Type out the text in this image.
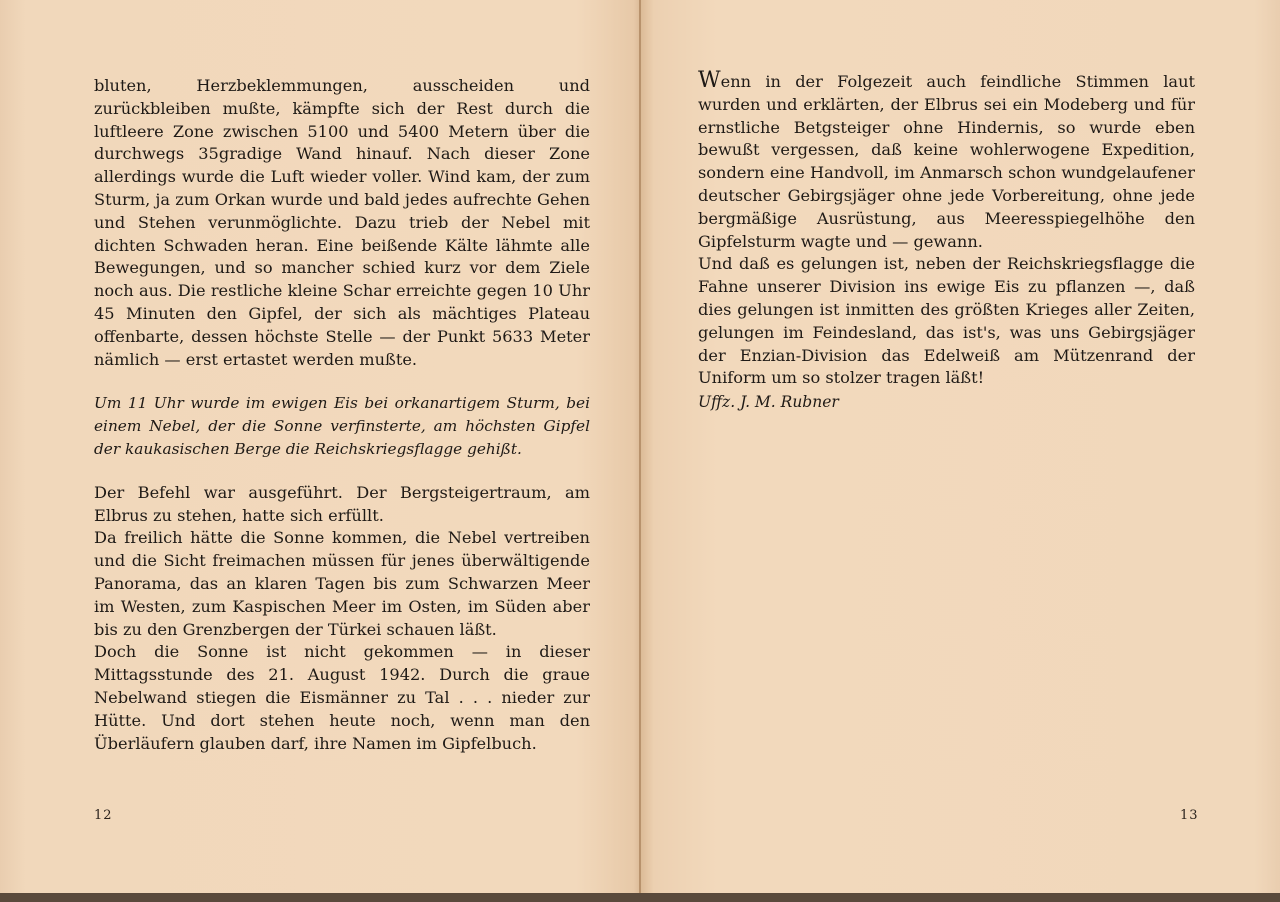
bluten, Herzbeklemmungen, ausscheiden und zurückbleiben mußte, kämpfte sich der Rest durch die luftleere Zone zwischen 5100 und 5400 Metern über die durchwegs 35gradige Wand hinauf. Nach dieser Zone allerdings wurde die Luft wieder voller. Wind kam, der zum Sturm, ja zum Orkan wurde und bald jedes aufrechte Gehen und Stehen verunmöglichte. Dazu trieb der Nebel mit dichten Schwaden heran. Eine beißende Kälte lähmte alle Bewegungen, und so mancher schied kurz vor dem Ziele noch aus. Die restliche kleine Schar erreichte gegen 10 Uhr 45 Minuten den Gipfel, der sich als mächtiges Plateau offenbarte, dessen höchste Stelle — der Punkt 5633 Meter nämlich — erst ertastet werden mußte.

Um 11 Uhr wurde im ewigen Eis bei orkanartigem Sturm, bei einem Nebel, der die Sonne verfinsterte, am höchsten Gipfel der kaukasischen Berge die Reichskriegsflagge gehißt.

Der Befehl war ausgeführt. Der Bergsteigertraum, am Elbrus zu stehen, hatte sich erfüllt.

Da freilich hätte die Sonne kommen, die Nebel vertreiben und die Sicht freimachen müssen für jenes überwältigende Panorama, das an klaren Tagen bis zum Schwarzen Meer im Westen, zum Kaspischen Meer im Osten, im Süden aber bis zu den Grenzbergen der Türkei schauen läßt.

Doch die Sonne ist nicht gekommen — in dieser Mittagsstunde des 21. August 1942. Durch die graue Nebelwand stiegen die Eismänner zu Tal . . . nieder zur Hütte. Und dort stehen heute noch, wenn man den Überläufern glauben darf, ihre Namen im Gipfelbuch.

12

Wenn in der Folgezeit auch feindliche Stimmen laut wurden und erklärten, der Elbrus sei ein Modeberg und für ernstliche Betgsteiger ohne Hindernis, so wurde eben bewußt vergessen, daß keine wohlerwogene Expedition, sondern eine Handvoll, im Anmarsch schon wundgelaufener deutscher Gebirgsjäger ohne jede Vorbereitung, ohne jede bergmäßige Ausrüstung, aus Meeresspiegelhöhe den Gipfelsturm wagte und — gewann.

Und daß es gelungen ist, neben der Reichskriegsflagge die Fahne unserer Division ins ewige Eis zu pflanzen —, daß dies gelungen ist inmitten des größten Krieges aller Zeiten, gelungen im Feindesland, das ist's, was uns Gebirgsjäger der Enzian-Division das Edelweiß am Mützenrand der Uniform um so stolzer tragen läßt!

Uffz. J. M. Rubner

13
